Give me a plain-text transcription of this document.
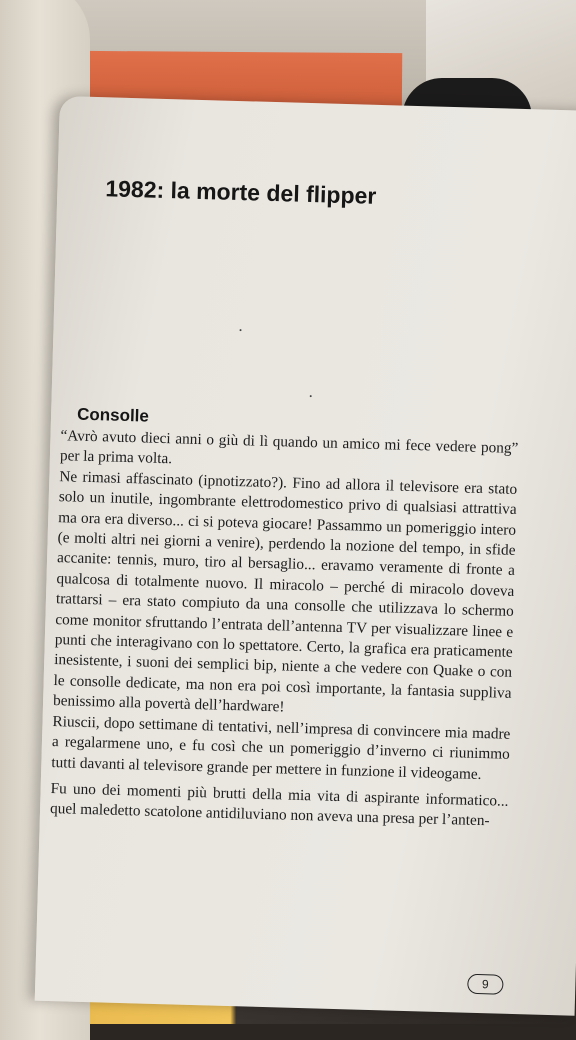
1982: la morte del flipper
Consolle

“Avrò avuto dieci anni o giù di lì quando un amico mi fece vedere pong” per la prima volta.

Ne rimasi affascinato (ipnotizzato?). Fino ad allora il televisore era stato solo un inutile, ingombrante elettrodomestico privo di qualsiasi attrattiva ma ora era diverso... ci si poteva giocare! Passammo un pomeriggio intero (e molti altri nei giorni a venire), perdendo la nozione del tempo, in sfide accanite: tennis, muro, tiro al bersaglio... eravamo veramente di fronte a qualcosa di totalmente nuovo. Il miracolo – perché di miracolo doveva trattarsi – era stato compiuto da una consolle che utilizzava lo schermo come monitor sfruttando l’entrata dell’antenna TV per visualizzare linee e punti che interagivano con lo spettatore. Certo, la grafica era praticamente inesistente, i suoni dei semplici bip, niente a che vedere con Quake o con le consolle dedicate, ma non era poi così importante, la fantasia suppliva benissimo alla povertà dell’hardware!

Riuscii, dopo settimane di tentativi, nell’impresa di convincere mia madre a regalarmene uno, e fu così che un pomeriggio d’inverno ci riunimmo tutti davanti al televisore grande per mettere in funzione il videogame.

Fu uno dei momenti più brutti della mia vita di aspirante informatico... quel maledetto scatolone antidiluviano non aveva una presa per l’anten-

9
